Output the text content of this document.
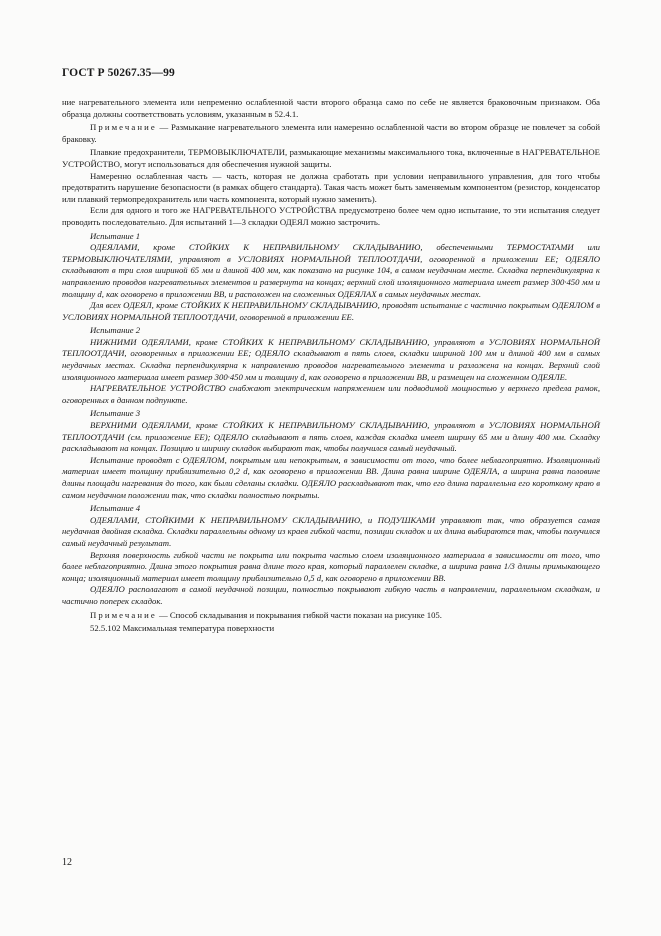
ГОСТ Р 50267.35—99

ние нагревательного элемента или непременно ослабленной части второго образца само по себе не является браковочным признаком. Оба образца должны соответствовать условиям, указанным в 52.4.1.

Примечание — Размыкание нагревательного элемента или намеренно ослабленной части во втором образце не повлечет за собой браковку.

Плавкие предохранители, ТЕРМОВЫКЛЮЧАТЕЛИ, размыкающие механизмы максимального тока, включенные в НАГРЕВАТЕЛЬНОЕ УСТРОЙСТВО, могут использоваться для обеспечения нужной защиты.

Намеренно ослабленная часть — часть, которая не должна сработать при условии неправильного управления, для того чтобы предотвратить нарушение безопасности (в рамках общего стандарта). Такая часть может быть заменяемым компонентом (резистор, конденсатор или плавкий термопредохранитель или часть компонента, который нужно заменить).

Если для одного и того же НАГРЕВАТЕЛЬНОГО УСТРОЙСТВА предусмотрено более чем одно испытание, то эти испытания следует проводить последовательно. Для испытаний 1—3 складки ОДЕЯЛ можно застрочить.

Испытание 1

ОДЕЯЛАМИ, кроме СТОЙКИХ К НЕПРАВИЛЬНОМУ СКЛАДЫВАНИЮ, обеспеченными ТЕРМОСТАТАМИ или ТЕРМОВЫКЛЮЧАТЕЛЯМИ, управляют в УСЛОВИЯХ НОРМАЛЬНОЙ ТЕПЛООТДАЧИ, оговоренной в приложении ЕЕ; ОДЕЯЛО складывают в три слоя шириной 65 мм и длиной 400 мм, как показано на рисунке 104, в самом неудачном месте. Складка перпендикулярна к направлению проводов нагревательных элементов и развернута на концах; верхний слой изоляционного материала имеет размер 300·450 мм и толщину d, как оговорено в приложении ВВ, и расположен на сложенных ОДЕЯЛАХ в самых неудачных местах.

Для всех ОДЕЯЛ, кроме СТОЙКИХ К НЕПРАВИЛЬНОМУ СКЛАДЫВАНИЮ, проводят испытание с частично покрытым ОДЕЯЛОМ в УСЛОВИЯХ НОРМАЛЬНОЙ ТЕПЛООТДАЧИ, оговоренной в приложении ЕЕ.

Испытание 2

НИЖНИМИ ОДЕЯЛАМИ, кроме СТОЙКИХ К НЕПРАВИЛЬНОМУ СКЛАДЫВАНИЮ, управляют в УСЛОВИЯХ НОРМАЛЬНОЙ ТЕПЛООТДАЧИ, оговоренных в приложении ЕЕ; ОДЕЯЛО складывают в пять слоев, складки шириной 100 мм и длиной 400 мм в самых неудачных местах. Складка перпендикулярна к направлению проводов нагревательного элемента и разложена на концах. Верхний слой изоляционного материала имеет размер 300·450 мм и толщину d, как оговорено в приложении ВВ, и размещен на сложенном ОДЕЯЛЕ.

НАГРЕВАТЕЛЬНОЕ УСТРОЙСТВО снабжают электрическим напряжением или подводимой мощностью у верхнего предела рамок, оговоренных в данном подпункте.

Испытание 3

ВЕРХНИМИ ОДЕЯЛАМИ, кроме СТОЙКИХ К НЕПРАВИЛЬНОМУ СКЛАДЫВАНИЮ, управляют в УСЛОВИЯХ НОРМАЛЬНОЙ ТЕПЛООТДАЧИ (см. приложение ЕЕ); ОДЕЯЛО складывают в пять слоев, каждая складка имеет ширину 65 мм и длину 400 мм. Складку раскладывают на концах. Позицию и ширину складок выбирают так, чтобы получился самый неудачный.

Испытание проводят с ОДЕЯЛОМ, покрытым или непокрытым, в зависимости от того, что более неблагоприятно. Изоляционный материал имеет толщину приблизительно 0,2 d, как оговорено в приложении ВВ. Длина равна ширине ОДЕЯЛА, а ширина равна половине длины площади нагревания до того, как были сделаны складки. ОДЕЯЛО раскладывают так, что его длина параллельна его короткому краю в самом неудачном положении так, что складки полностью покрыты.

Испытание 4

ОДЕЯЛАМИ, СТОЙКИМИ К НЕПРАВИЛЬНОМУ СКЛАДЫВАНИЮ, и ПОДУШКАМИ управляют так, что образуется самая неудачная двойная складка. Складки параллельны одному из краев гибкой части, позиции складок и их длина выбираются так, чтобы получился самый неудачный результат.

Верхняя поверхность гибкой части не покрыта или покрыта частью слоем изоляционного материала в зависимости от того, что более неблагоприятно. Длина этого покрытия равна длине того края, который параллелен складке, а ширина равна 1/3 длины примыкающего конца; изоляционный материал имеет толщину приблизительно 0,5 d, как оговорено в приложении ВВ.

ОДЕЯЛО располагают в самой неудачной позиции, полностью покрывают гибкую часть в направлении, параллельном складкам, и частично поперек складок.

Примечание — Способ складывания и покрывания гибкой части показан на рисунке 105.

52.5.102 Максимальная температура поверхности

12
